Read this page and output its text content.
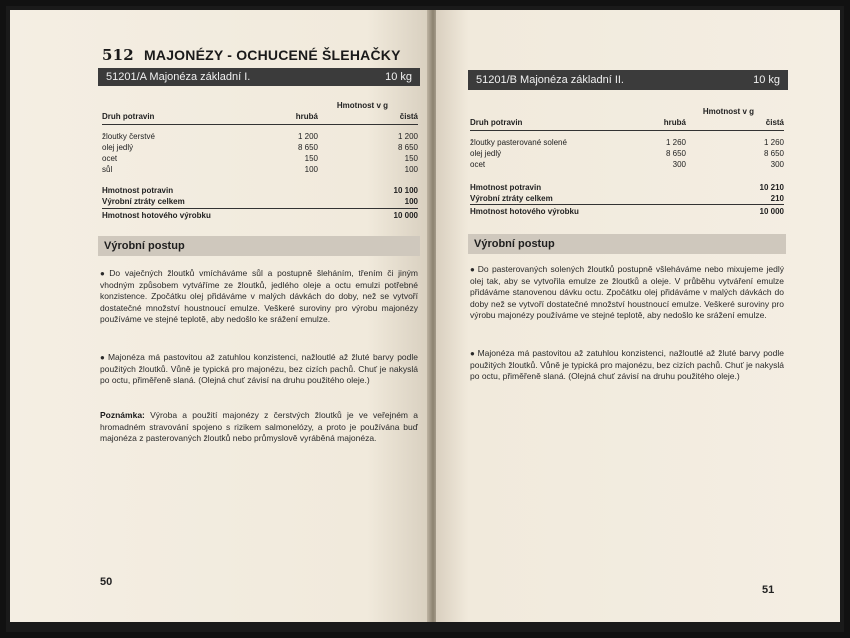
512 MAJONÉZY - OCHUCENÉ ŠLEHAČKY
51201/A Majonéza základní I.	10 kg
Hmotnost v g
Druh potravin	hrubá	čistá
žloutky čerstvé	1 200	1 200
olej jedlý	8 650	8 650
ocet	150	150
sůl	100	100
Hmotnost potravin	10 100
Výrobní ztráty celkem	100
Hmotnost hotového výrobku	10 000
Výrobní postup
● Do vaječných žloutků vmícháváme sůl a postupně šleháním, třením či jiným vhodným způsobem vytváříme ze žloutků, jedlého oleje a octu emulzi potřebné konzistence. Zpočátku olej přidáváme v malých dávkách do doby, než se vytvoří dostatečné množství houstnoucí emulze. Veškeré suroviny pro výrobu majonézy používáme ve stejné teplotě, aby nedošlo ke srážení emulze.
● Majonéza má pastovitou až zatuhlou konzistenci, nažloutlé až žluté barvy podle použitých žloutků. Vůně je typická pro majonézu, bez cizích pachů. Chuť je nakyslá po octu, přiměřeně slaná. (Olejná chuť závisí na druhu použitého oleje.)
Poznámka: Výroba a použití majonézy z čerstvých žloutků je ve veřejném a hromadném stravování spojeno s rizikem salmonelózy, a proto je používána buď majonéza z pasterovaných žloutků nebo průmyslově vyráběná majonéza.
50
51201/B Majonéza základní II.	10 kg
Hmotnost v g
Druh potravin	hrubá	čistá
žloutky pasterované solené	1 260	1 260
olej jedlý	8 650	8 650
ocet	300	300
Hmotnost potravin	10 210
Výrobní ztráty celkem	210
Hmotnost hotového výrobku	10 000
Výrobní postup
● Do pasterovaných solených žloutků postupně všleháváme nebo mixujeme jedlý olej tak, aby se vytvořila emulze ze žloutků a oleje. V průběhu vytváření emulze přidáváme stanovenou dávku octu. Zpočátku olej přidáváme v malých dávkách do doby než se vytvoří dostatečné množství houstnoucí emulze. Veškeré suroviny pro výrobu majonézy používáme ve stejné teplotě, aby nedošlo ke srážení emulze.
● Majonéza má pastovitou až zatuhlou konzistenci, nažloutlé až žluté barvy podle použitých žloutků. Vůně je typická pro majonézu, bez cizích pachů. Chuť je nakyslá po octu, přiměřeně slaná. (Olejná chuť závisí na druhu použitého oleje.)
51
